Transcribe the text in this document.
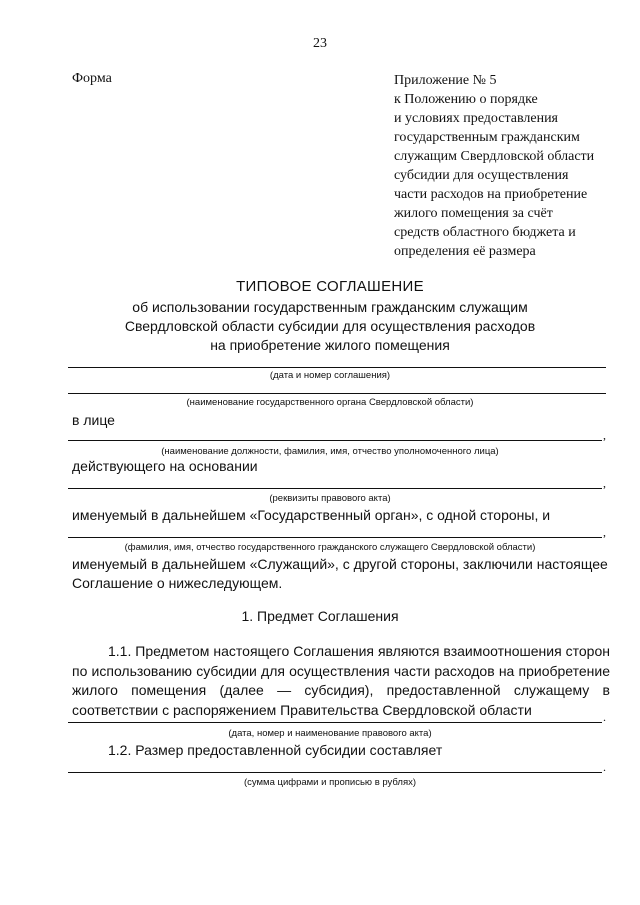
23
Форма	Приложение № 5
к Положению о порядке
и условиях предоставления
государственным гражданским
служащим Свердловской области
субсидии для осуществления
части расходов на приобретение
жилого помещения за счёт
средств областного бюджета и
определения её размера
ТИПОВОЕ СОГЛАШЕНИЕ
об использовании государственным гражданским служащим
Свердловской области субсидии для осуществления расходов
на приобретение жилого помещения
(дата и номер соглашения)
(наименование государственного органа Свердловской области)
в лице
,
(наименование должности, фамилия, имя, отчество уполномоченного лица)
действующего на основании
,
(реквизиты правового акта)
именуемый в дальнейшем «Государственный орган», с одной стороны, и
,
(фамилия, имя, отчество государственного гражданского служащего Свердловской области)
именуемый в дальнейшем «Служащий», с другой стороны, заключили настоящее
Соглашение о нижеследующем.
1. Предмет Соглашения

1.1. Предметом настоящего Соглашения являются взаимоотношения сторон по использованию субсидии для осуществления части расходов на приобретение жилого помещения (далее — субсидия), предоставленной служащему в соответствии с распоряжением Правительства Свердловской области	.
(дата, номер и наименование правового акта)
1.2. Размер предоставленной субсидии составляет
.
(сумма цифрами и прописью в рублях)
